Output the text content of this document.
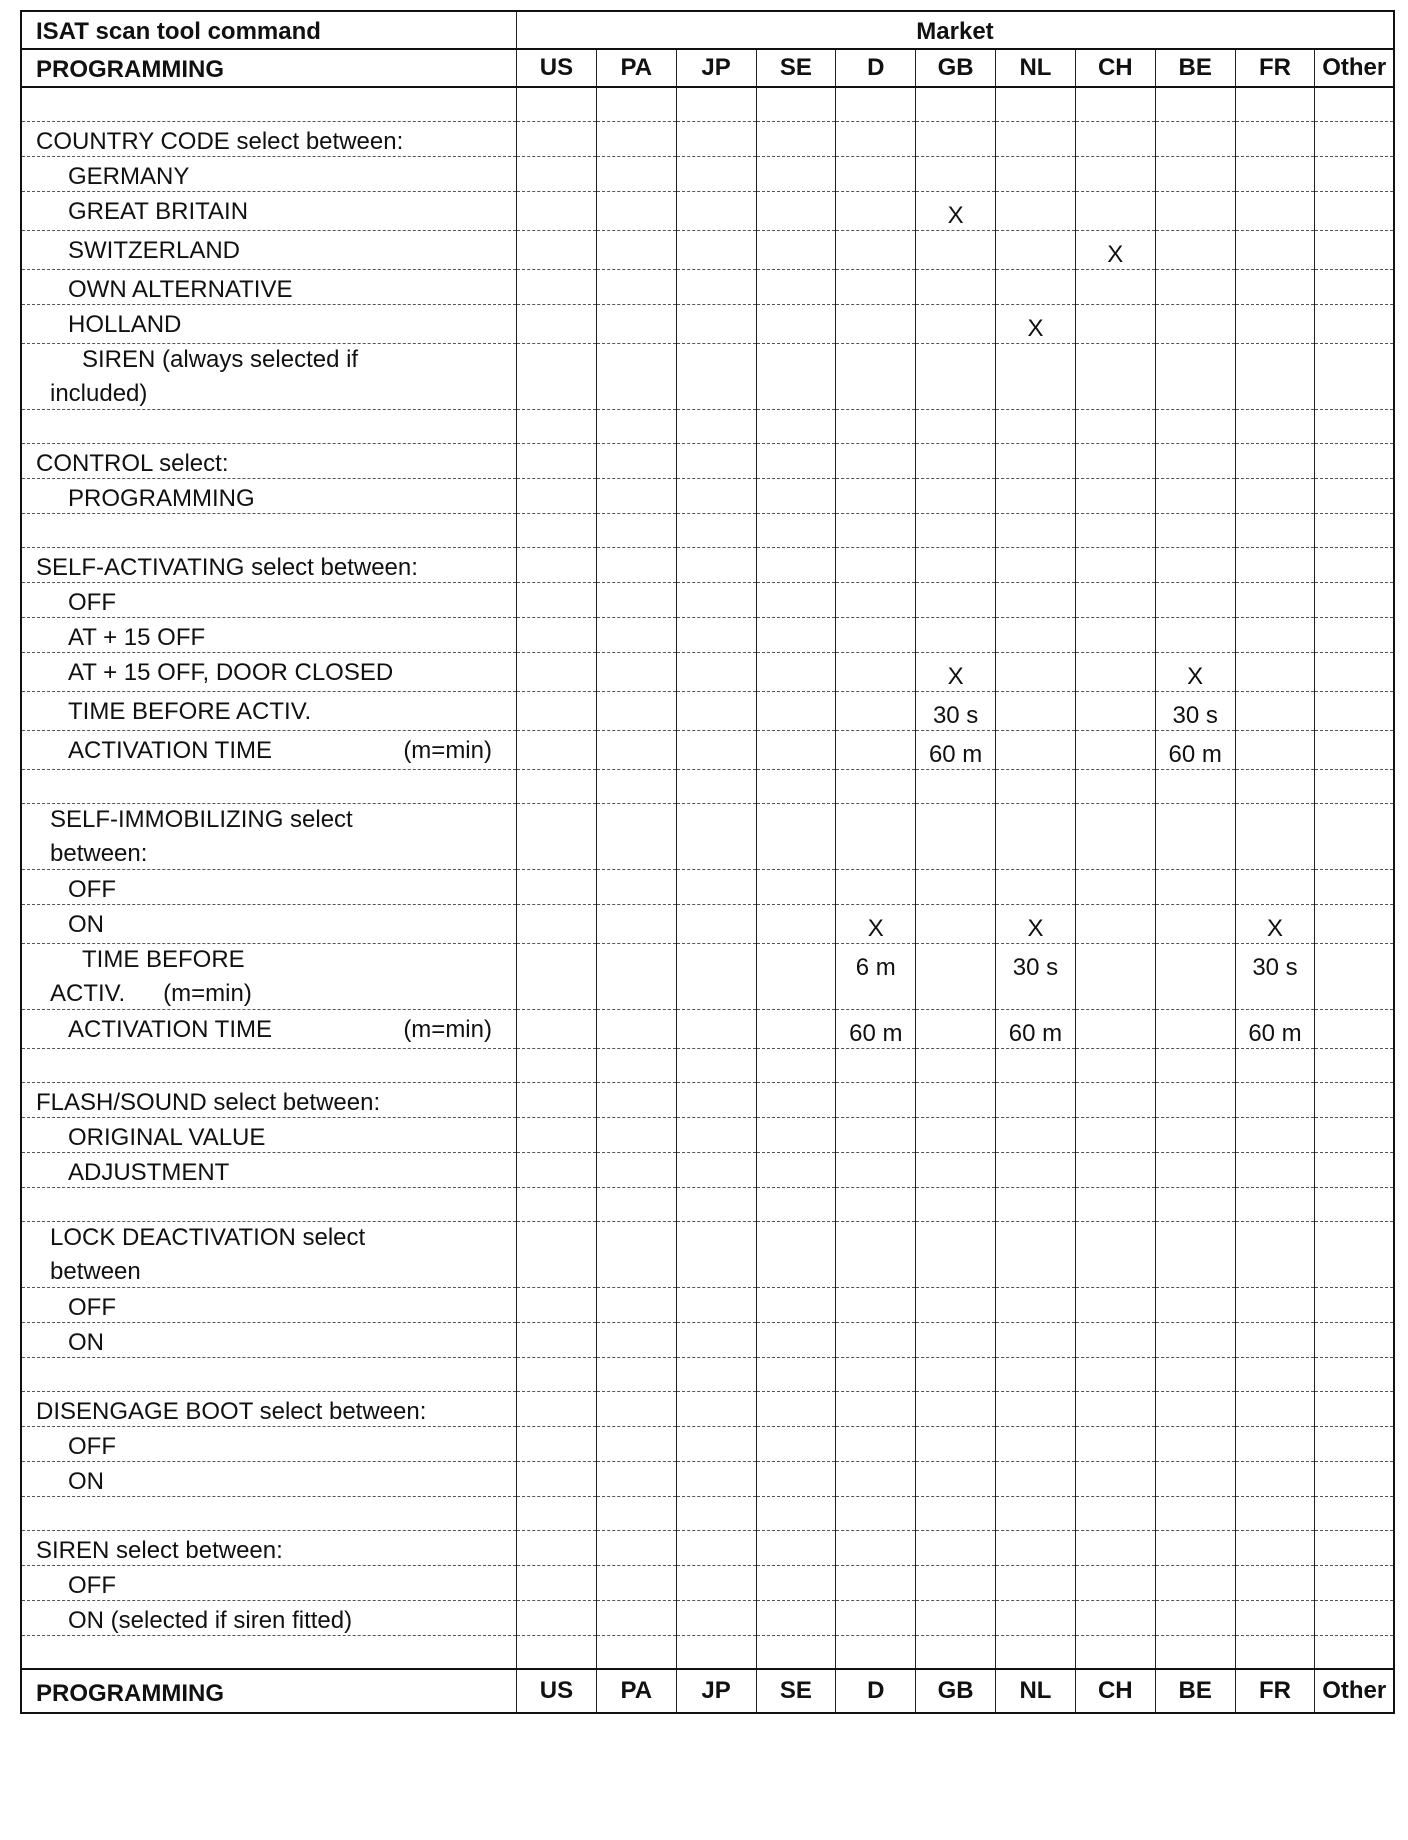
ISAT scan tool command	Market										
PROGRAMMING	US	PA	JP	SE	D	GB	NL	CH	BE	FR	Other

COUNTRY CODE select between:											
GERMANY											
GREAT BRITAIN						X					
SWITZERLAND								X			
OWN ALTERNATIVE											
HOLLAND							X				

SIREN (always selected if
included)											

CONTROL select:											
PROGRAMMING											

SELF-ACTIVATING select between:											
OFF											
AT + 15 OFF											
AT + 15 OFF, DOOR CLOSED						X			X		
TIME BEFORE ACTIV.						30 s			30 s		
ACTIVATION TIME (m=min)						60 m			60 m		

SELF-IMMOBILIZING select
between:											

OFF											
ON					X		X			X	

TIME BEFORE
ACTIV. (m=min)					6 m		30 s			30 s	
ACTIVATION TIME (m=min)					60 m		60 m			60 m	

FLASH/SOUND select between:											
ORIGINAL VALUE											
ADJUSTMENT											

LOCK DEACTIVATION select
between											

OFF											
ON											

DISENGAGE BOOT select between:											
OFF											
ON											

SIREN select between:											
OFF											
ON (selected if siren fitted)											

PROGRAMMING	US	PA	JP	SE	D	GB	NL	CH	BE	FR	Other
